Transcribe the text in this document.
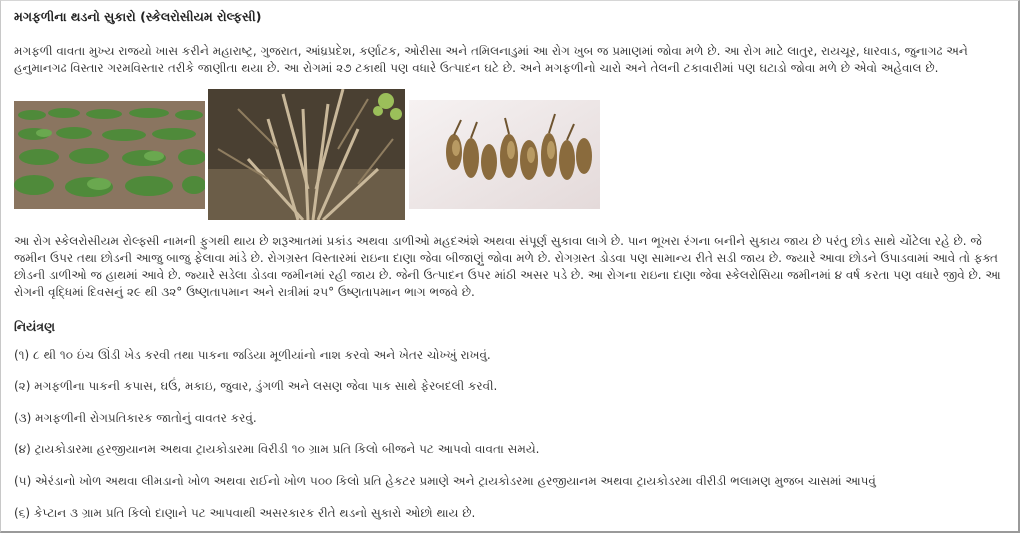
મગફળીના થડનો સુકારો (સ્કેલરોસીયમ રોલ્ફસી)

મગફળી વાવતા મુખ્ય રાજયો ખાસ કરીને મહારાષ્ટ્ર, ગુજરાત, આંધ્રપ્રદેશ, કર્ણાટક, ઓરીસા અને તમિલનાડુમાં આ રોગ ખુબ જ પ્રમાણમાં જોવા મળે છે. આ રોગ માટે લાતુર, રાયચૂર, ધારવાડ, જુનાગઢ અને હનુમાનગઢ વિસ્તાર ગરમવિસ્તાર તરીકે જાણીતા થયા છે. આ રોગમાં ૨૭ ટકાથી પણ વધારે ઉત્પાદન ઘટે છે. અને મગફળીનો ચારો અને તેલની ટકાવારીમાં પણ ઘટાડો જોવા મળે છે એવો અહેવાલ છે.

આ રોગ સ્કેલરોસીયમ રોલ્ફ્સી નામની ફુગથી થાય છે શરૂઆતમાં પ્રકાંડ અથવા ડાળીઓ મહદઅંશે અથવા સંપૂર્ણ સુકાવા લાગે છે. પાન ભૂખરા રંગના બનીને સુકાય જાય છે પરંતુ છોડ સાથે ચોંટેલા રહે છે. જે જમીન ઉપર તથા છોડની આજુ બાજુ ફેલાવા માંડે છે. રોગગ્રસ્ત વિસ્તારમાં રાઇના દાણા જેવા બીજાણું જોવા મળે છે. રોગગ્રસ્ત ડોડવા પણ સામાન્ય રીતે સડી જાય છે. જ્યારે આવા છોડને ઉપાડવામાં આવે તો ફક્ત છોડની ડાળીઓ જ હાથમાં આવે છે. જ્યારે સડેલા ડોડવા જમીનમાં રહી જાય છે. જેની ઉત્પાદન ઉપર માંઠી અસર પડે છે. આ રોગના રાઇના દાણા જેવા સ્કેલરોસિયા જમીનમાં ૪ વર્ષ કરતા પણ વધારે જીવે છે. આ રોગની વૃદ્ધિમાં દિવસનું ૨૯ થી ૩૨° ઉષ્ણતાપમાન અને રાત્રીમાં ૨૫° ઉષ્ણતાપમાન ભાગ ભજવે છે.

નિયંત્રણ
(૧) ૮ થી ૧૦ ઇંચ ઊંડી ખેડ કરવી તથા પાકના જડિયા મૂળીયાંનો નાશ કરવો અને ખેતર ચોખ્ખું રાખવું.
(૨) મગફળીના પાકની કપાસ, ઘઉં, મકાઇ, જુવાર, ડુંગળી અને લસણ જેવા પાક સાથે ફેરબદલી કરવી.
(૩) મગફળીની રોગપ્રતિકારક જાતોનું વાવતર કરવું.
(૪) ટ્રાયકોડારમા હરજીયાનમ અથવા ટ્રાયકોડારમા વિરીડી ૧૦ ગ્રામ પ્રતિ કિલો બીજને પટ આપવો વાવતા સમયે.
(૫) એરંડાનો ખોળ અથવા લીમડાનો ખોળ અથવા રાઈનો ખોળ ૫૦૦ કિલો પ્રતિ હેકટર પ્રમાણે અને ટ્રાયકોડરમા હરજીયાનમ અથવા ટ્રાયકોડરમા વીરીડી ભલામણ મુજબ ચાસમાં આપવું
(૬) કેપ્ટાન ૩ ગ્રામ પ્રતિ કિલો દાણાને પટ આપવાથી અસરકારક રીતે થડનો સુકારો ઓછો થાય છે.
